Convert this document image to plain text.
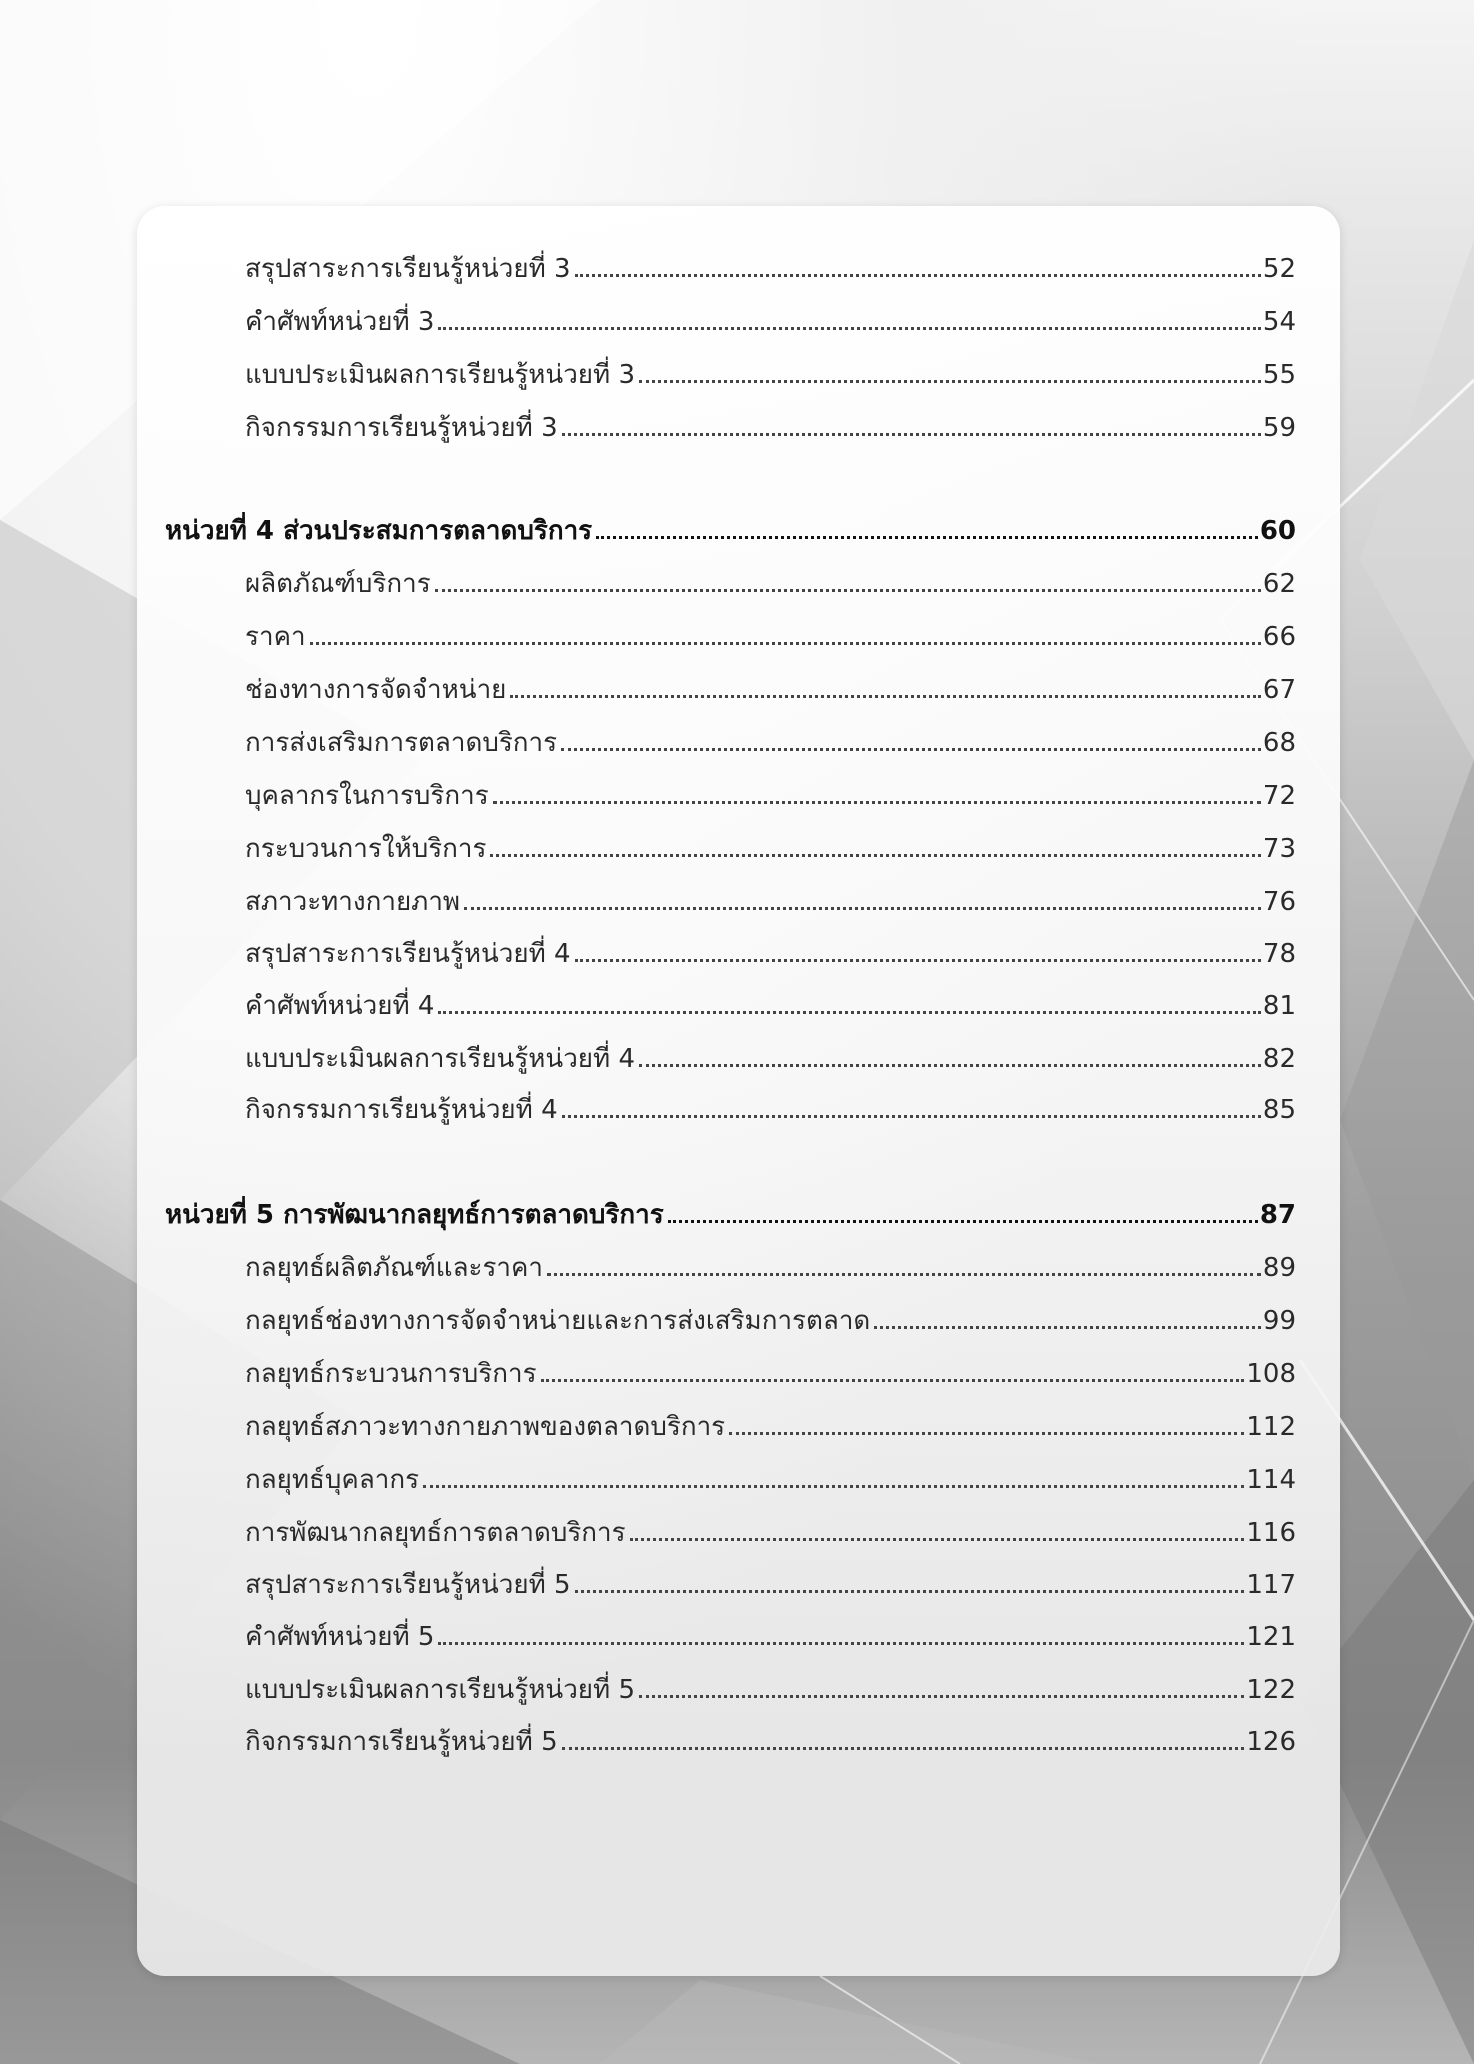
สรุปสาระการเรียนรู้หน่วยที่ 3	52
คำศัพท์หน่วยที่ 3	54
แบบประเมินผลการเรียนรู้หน่วยที่ 3	55
กิจกรรมการเรียนรู้หน่วยที่ 3	59
หน่วยที่ 4 ส่วนประสมการตลาดบริการ	60
ผลิตภัณฑ์บริการ	62
ราคา	66
ช่องทางการจัดจำหน่าย	67
การส่งเสริมการตลาดบริการ	68
บุคลากรในการบริการ	72
กระบวนการให้บริการ	73
สภาวะทางกายภาพ	76
สรุปสาระการเรียนรู้หน่วยที่ 4	78
คำศัพท์หน่วยที่ 4	81
แบบประเมินผลการเรียนรู้หน่วยที่ 4	82
กิจกรรมการเรียนรู้หน่วยที่ 4	85
หน่วยที่ 5 การพัฒนากลยุทธ์การตลาดบริการ	87
กลยุทธ์ผลิตภัณฑ์และราคา	89
กลยุทธ์ช่องทางการจัดจำหน่ายและการส่งเสริมการตลาด	99
กลยุทธ์กระบวนการบริการ	108
กลยุทธ์สภาวะทางกายภาพของตลาดบริการ	112
กลยุทธ์บุคลากร	114
การพัฒนากลยุทธ์การตลาดบริการ	116
สรุปสาระการเรียนรู้หน่วยที่ 5	117
คำศัพท์หน่วยที่ 5	121
แบบประเมินผลการเรียนรู้หน่วยที่ 5	122
กิจกรรมการเรียนรู้หน่วยที่ 5	126
